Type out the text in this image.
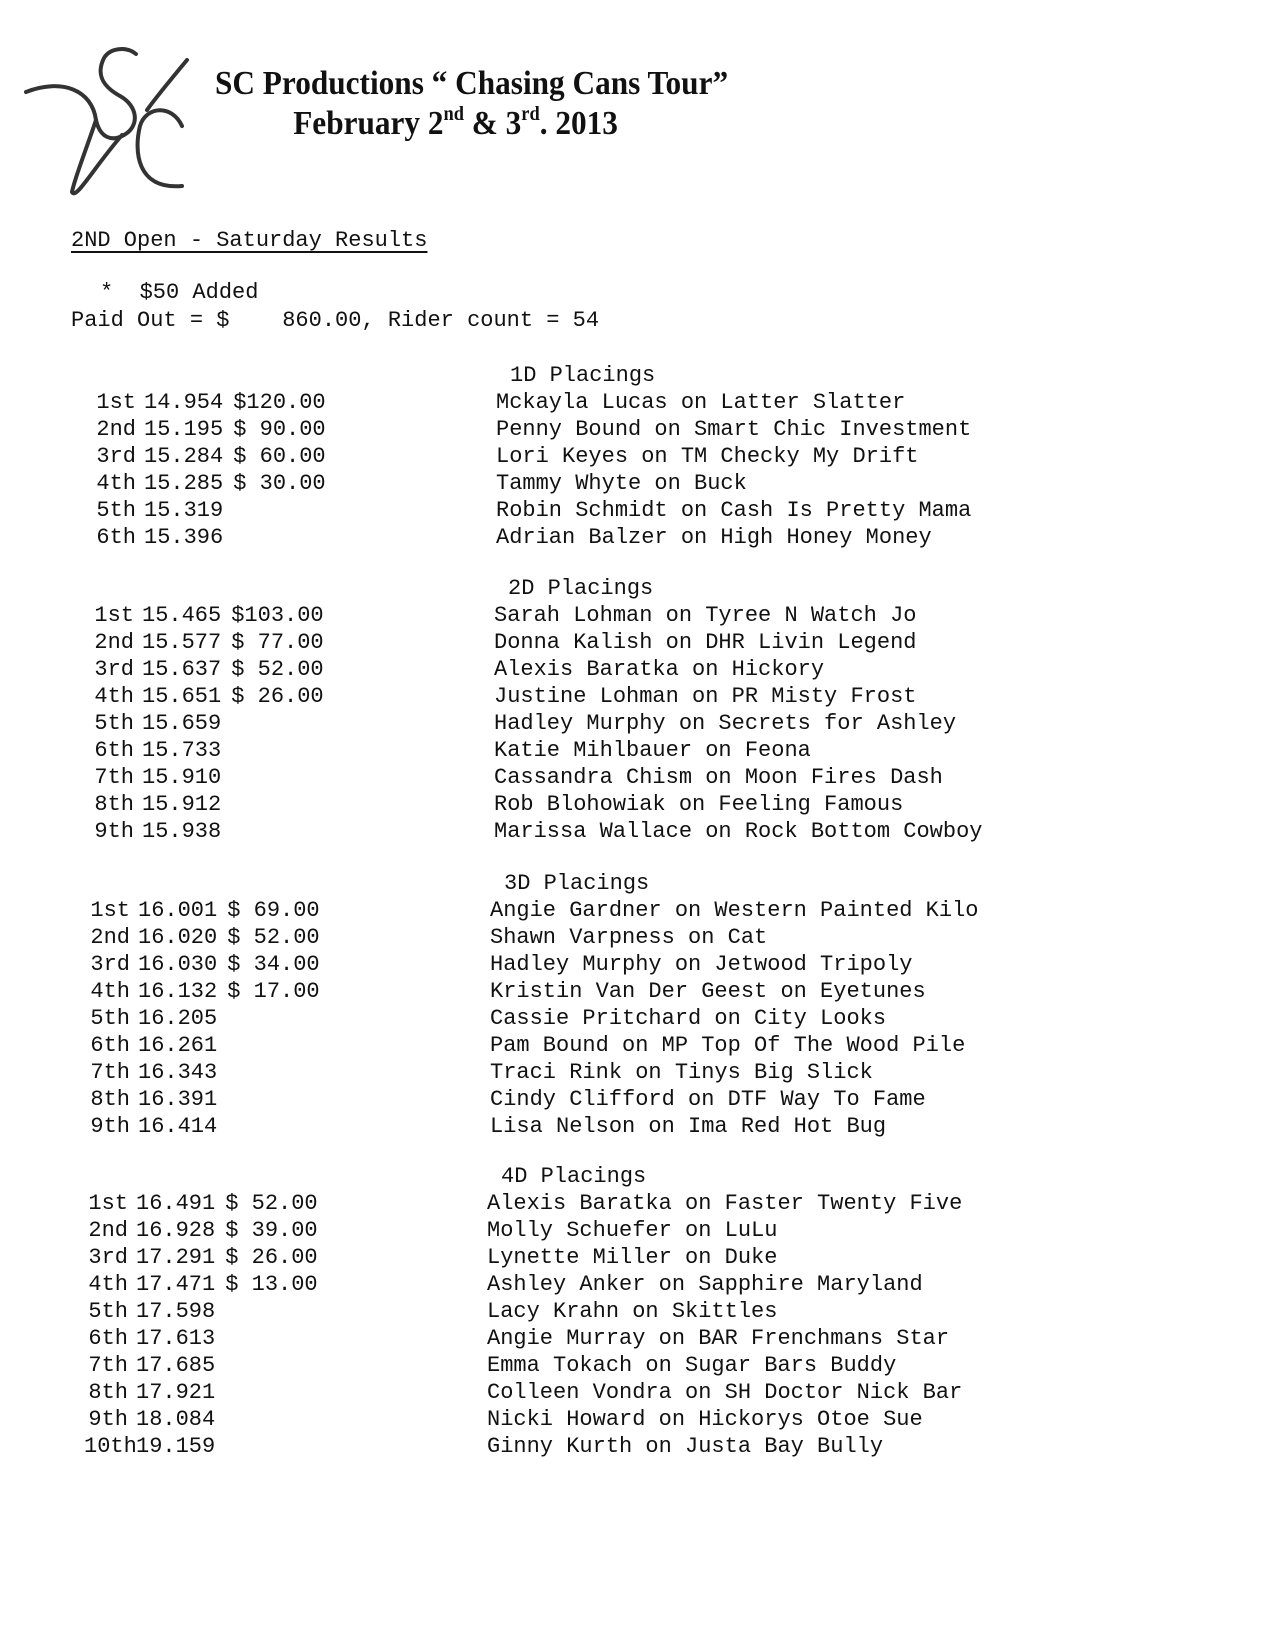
SC Productions “ Chasing Cans Tour”
February 2nd & 3rd. 2013
2ND Open - Saturday Results
*  $50 Added
Paid Out = $    860.00, Rider count = 54
1st 14.954 $120.00
2nd 15.195 $ 90.00
3rd 15.284 $ 60.00
4th 15.285 $ 30.00
5th 15.319
6th 15.396
1D Placings
Mckayla Lucas on Latter Slatter
Penny Bound on Smart Chic Investment
Lori Keyes on TM Checky My Drift
Tammy Whyte on Buck
Robin Schmidt on Cash Is Pretty Mama
Adrian Balzer on High Honey Money
1st 15.465 $103.00
2nd 15.577 $ 77.00
3rd 15.637 $ 52.00
4th 15.651 $ 26.00
5th 15.659
6th 15.733
7th 15.910
8th 15.912
9th 15.938
2D Placings
Sarah Lohman on Tyree N Watch Jo
Donna Kalish on DHR Livin Legend
Alexis Baratka on Hickory
Justine Lohman on PR Misty Frost
Hadley Murphy on Secrets for Ashley
Katie Mihlbauer on Feona
Cassandra Chism on Moon Fires Dash
Rob Blohowiak on Feeling Famous
Marissa Wallace on Rock Bottom Cowboy
1st 16.001 $ 69.00
2nd 16.020 $ 52.00
3rd 16.030 $ 34.00
4th 16.132 $ 17.00
5th 16.205
6th 16.261
7th 16.343
8th 16.391
9th 16.414
3D Placings
Angie Gardner on Western Painted Kilo
Shawn Varpness on Cat
Hadley Murphy on Jetwood Tripoly
Kristin Van Der Geest on Eyetunes
Cassie Pritchard on City Looks
Pam Bound on MP Top Of The Wood Pile
Traci Rink on Tinys Big Slick
Cindy Clifford on DTF Way To Fame
Lisa Nelson on Ima Red Hot Bug
1st 16.491 $ 52.00
2nd 16.928 $ 39.00
3rd 17.291 $ 26.00
4th 17.471 $ 13.00
5th 17.598
6th 17.613
7th 17.685
8th 17.921
9th 18.084
10th19.159
4D Placings
Alexis Baratka on Faster Twenty Five
Molly Schuefer on LuLu
Lynette Miller on Duke
Ashley Anker on Sapphire Maryland
Lacy Krahn on Skittles
Angie Murray on BAR Frenchmans Star
Emma Tokach on Sugar Bars Buddy
Colleen Vondra on SH Doctor Nick Bar
Nicki Howard on Hickorys Otoe Sue
Ginny Kurth on Justa Bay Bully
